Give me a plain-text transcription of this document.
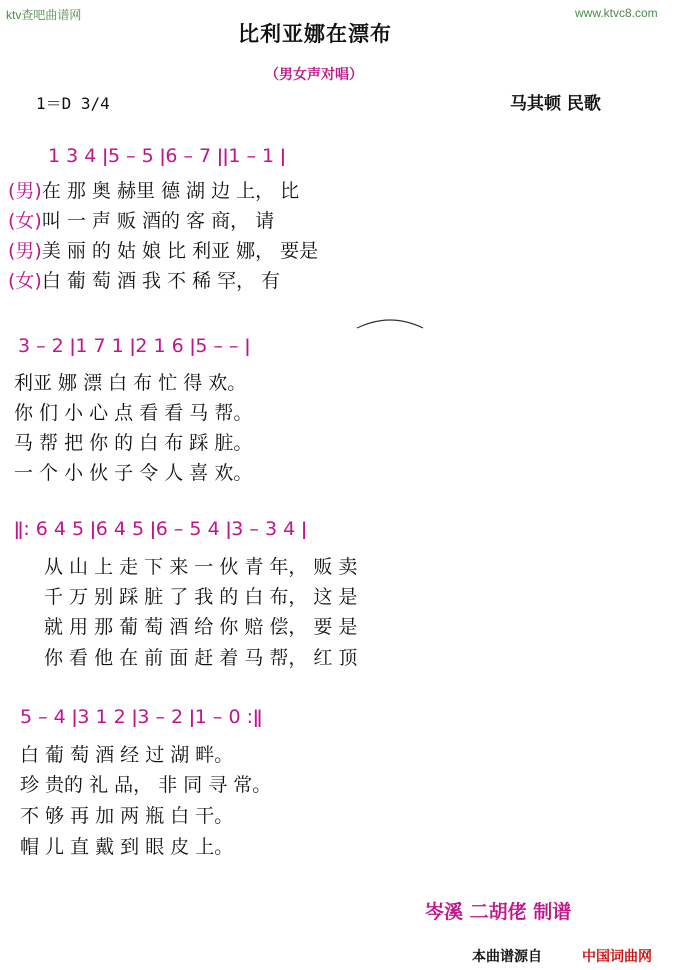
ktv查吧曲谱网	www.ktvc8.com
比利亚娜在漂布
（男女声对唱）
1＝D 3/4	马其顿 民歌
1 3 4 ǀ5 – 5 ǀ6 – 7 ǀǀ1 – 1 ǀ
(男)在 那 奥 赫里 德 湖 边 上， 比
(女)叫 一 声 贩 酒的 客 商， 请
(男)美 丽 的 姑 娘 比 利亚 娜， 要是
(女)白 葡 萄 酒 我 不 稀 罕， 有
3 – 2 ǀ1 7 1 ǀ2 1 6 ǀ5 – – ǀ
利亚 娜 漂 白 布 忙 得 欢。
你 们 小 心 点 看 看 马 帮。
马 帮 把 你 的 白 布 踩 脏。
一 个 小 伙 子 令 人 喜 欢。
ǁ: 6 4 5 ǀ6 4 5 ǀ6 – 5 4 ǀ3 – 3 4 ǀ
从 山 上 走 下 来 一 伙 青 年， 贩 卖
千 万 别 踩 脏 了 我 的 白 布， 这 是
就 用 那 葡 萄 酒 给 你 赔 偿， 要 是
你 看 他 在 前 面 赶 着 马 帮， 红 顶
5 – 4 ǀ3 1 2 ǀ3 – 2 ǀ1 – 0 :ǁ
白 葡 萄 酒 经 过 湖 畔。
珍 贵的 礼 品， 非 同 寻 常。
不 够 再 加 两 瓶 白 干。
帽 儿 直 戴 到 眼 皮 上。
岑溪 二胡佬 制谱
本曲谱源自	中国词曲网
